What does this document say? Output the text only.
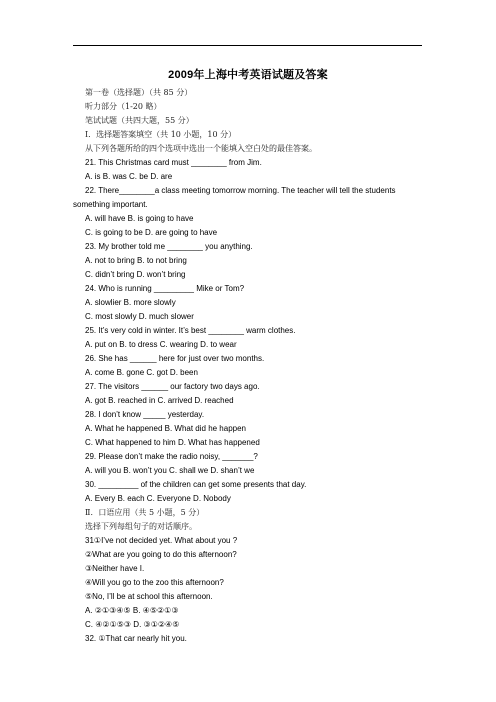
2009年上海中考英语试题及答案
第一卷（选择题）（共 85 分）
听力部分（1-20 略）
笔试试题（共四大题，55 分）
Ⅰ．选择题答案填空（共 10 小题，10 分）
从下列各题所给的四个选项中选出一个能填入空白处的最佳答案。
21. This Christmas card must ________ from Jim.
A. is B. was C. be D. are
22. There________a class meeting tomorrow morning. The teacher will tell the students
something important.
A. will have B. is going to have
C. is going to be D. are going to have
23. My brother told me ________ you anything.
A. not to bring B. to not bring
C. didn’t bring D. won’t bring
24. Who is running _________ Mike or Tom?
A. slowlier B. more slowly
C. most slowly D. much slower
25. It’s very cold in winter. It’s best ________ warm clothes.
A. put on B. to dress C. wearing D. to wear
26. She has ______ here for just over two months.
A. come B. gone C. got D. been
27. The visitors ______ our factory two days ago.
A. got B. reached in C. arrived D. reached
28. I don’t know _____ yesterday.
A. What he happened B. What did he happen
C. What happened to him D. What has happened
29. Please don’t make the radio noisy, _______?
A. will you B. won’t you C. shall we D. shan’t we
30. _________ of the children can get some presents that day.
A. Every B. each C. Everyone D. Nobody
Ⅱ．口语应用（共 5 小题，5 分）
选择下列每组句子的对话顺序。
31①I’ve not decided yet. What about you ?
②What are you going to do this afternoon?
③Neither have I.
④Will you go to the zoo this afternoon?
⑤No, I’ll be at school this afternoon.
A. ②①③④⑤ B. ④⑤②①③
C. ④②①⑤③ D. ③①②④⑤
32. ①That car nearly hit you.
